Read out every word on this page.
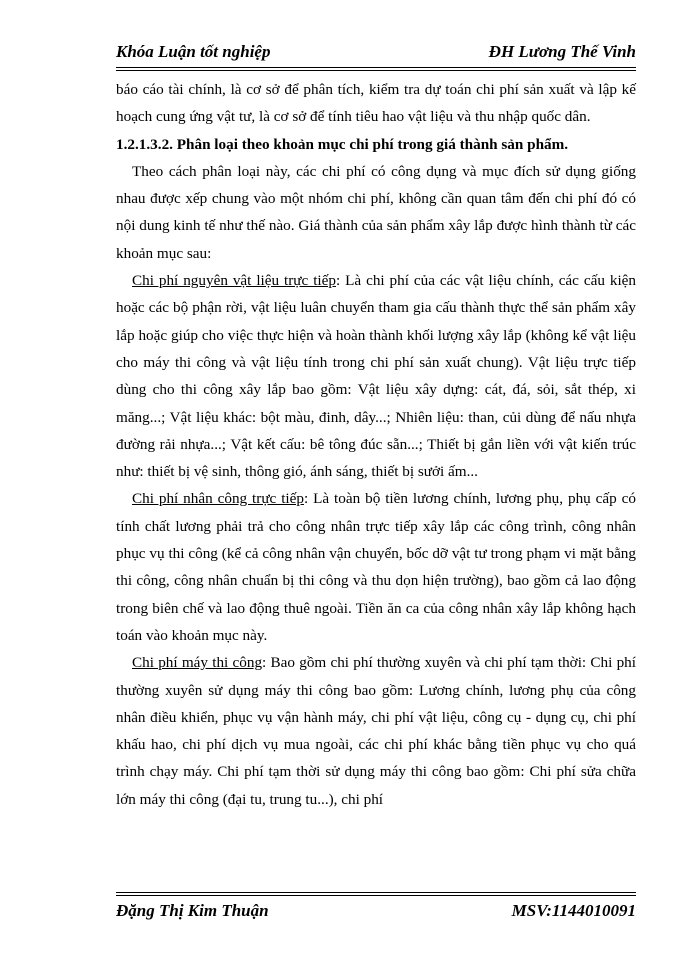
Khóa Luận tốt nghiệp	ĐH Lương Thế Vinh

báo cáo tài chính, là cơ sở để phân tích, kiểm tra dự toán chi phí sản xuất và lập kế hoạch cung ứng vật tư, là cơ sở để tính tiêu hao vật liệu và thu nhập quốc dân.

1.2.1.3.2. Phân loại theo khoản mục chi phí trong giá thành sản phẩm.

Theo cách phân loại này, các chi phí có công dụng và mục đích sử dụng giống nhau được xếp chung vào một nhóm chi phí, không cần quan tâm đến chi phí đó có nội dung kinh tế như thế nào. Giá thành của sản phẩm xây lắp được hình thành từ các khoản mục sau:

Chi phí nguyên vật liệu trực tiếp: Là chi phí của các vật liệu chính, các cấu kiện hoặc các bộ phận rời, vật liệu luân chuyển tham gia cấu thành thực thể sản phẩm xây lắp hoặc giúp cho việc thực hiện và hoàn thành khối lượng xây lắp (không kể vật liệu cho máy thi công và vật liệu tính trong chi phí sản xuất chung). Vật liệu trực tiếp dùng cho thi công xây lắp bao gồm: Vật liệu xây dựng: cát, đá, sỏi, sắt thép, xi măng...; Vật liệu khác: bột màu, đinh, dây...; Nhiên liệu: than, củi dùng để nấu nhựa đường rải nhựa...; Vật kết cấu: bê tông đúc sẵn...; Thiết bị gắn liền với vật kiến trúc như: thiết bị vệ sinh, thông gió, ánh sáng, thiết bị sưởi ấm...

Chi phí nhân công trực tiếp: Là toàn bộ tiền lương chính, lương phụ, phụ cấp có tính chất lương phải trả cho công nhân trực tiếp xây lắp các công trình, công nhân phục vụ thi công (kể cả công nhân vận chuyển, bốc dỡ vật tư trong phạm vi mặt bằng thi công, công nhân chuẩn bị thi công và thu dọn hiện trường), bao gồm cả lao động trong biên chế và lao động thuê ngoài. Tiền ăn ca của công nhân xây lắp không hạch toán vào khoản mục này.

Chi phí máy thi công: Bao gồm chi phí thường xuyên và chi phí tạm thời: Chi phí thường xuyên sử dụng máy thi công bao gồm: Lương chính, lương phụ của công nhân điều khiển, phục vụ vận hành máy, chi phí vật liệu, công cụ - dụng cụ, chi phí khấu hao, chi phí dịch vụ mua ngoài, các chi phí khác bằng tiền phục vụ cho quá trình chạy máy. Chi phí tạm thời sử dụng máy thi công bao gồm: Chi phí sửa chữa lớn máy thi công (đại tu, trung tu...), chi phí

Đặng Thị Kim Thuận	MSV:1144010091
